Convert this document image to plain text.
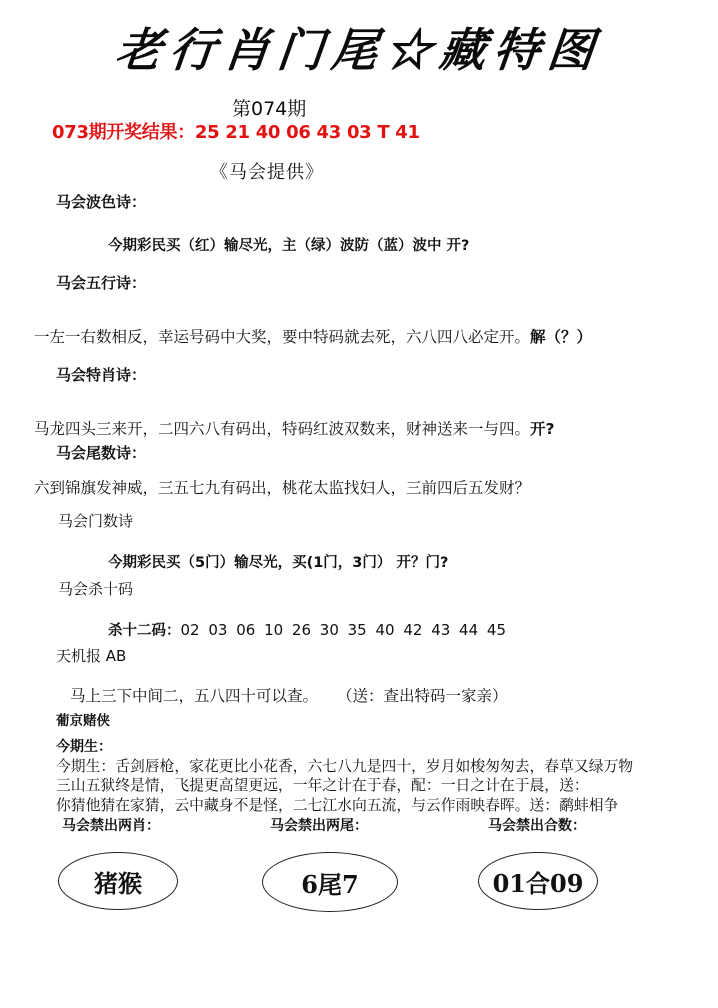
老行肖门尾☆藏特图
第074期
073期开奖结果：25 21 40 06 43 03 T 41
《马会提供》
马会波色诗：
今期彩民买（红）输尽光，主（绿）波防（蓝）波中 开?
马会五行诗：
一左一右数相反，幸运号码中大奖，要中特码就去死，六八四八必定开。解（？）
马会特肖诗：
马龙四头三来开，二四六八有码出，特码红波双数来，财神送来一与四。开?
马会尾数诗：
六到锦旗发神威，三五七九有码出，桃花太监找妇人，三前四后五发财？
马会门数诗
今期彩民买（5门）输尽光，买(1门，3门） 开？门?
马会杀十码
杀十二码：02 03 06 10 26 30 35 40 42 43 44 45
天机报 AB
马上三下中间二，五八四十可以查。 （送：查出特码一家亲）
葡京赌侠
今期生：
今期生：舌剑唇枪，家花更比小花香，六七八九是四十，岁月如梭匆匆去，春草又绿万物
三山五狱终是情，飞提更高望更远，一年之计在于春，配：一日之计在于晨，送：
你猜他猜在家猜，云中藏身不是怪，二七江水向五流，与云作雨映春晖。送：鹬蚌相争
马会禁出两肖：	马会禁出两尾：	马会禁出合数：
猪猴	6尾7	01合09
